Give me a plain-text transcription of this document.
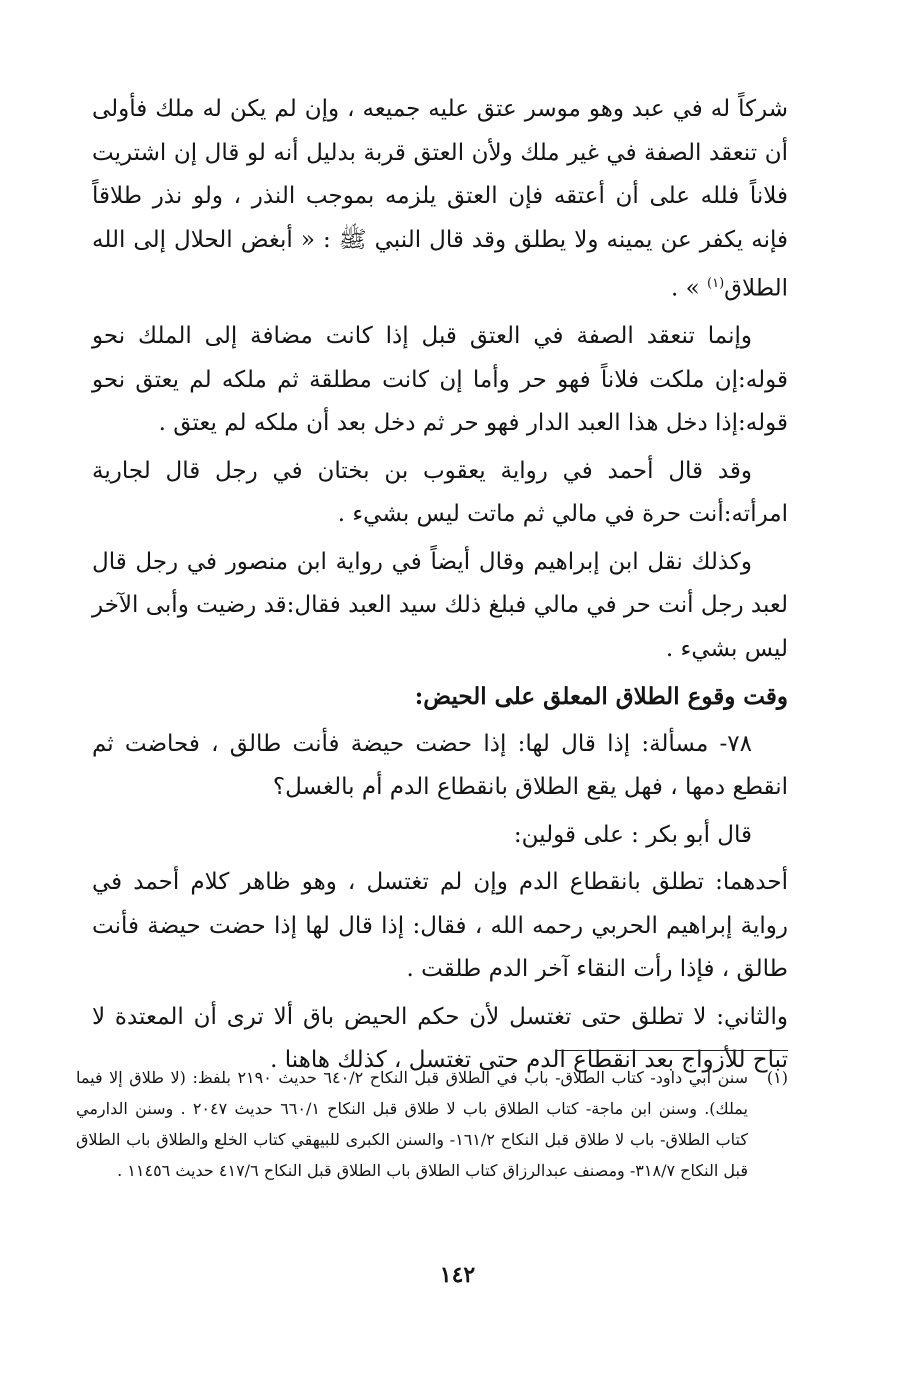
شركاً له في عبد وهو موسر عتق عليه جميعه ، وإن لم يكن له ملك فأولى أن تنعقد الصفة في غير ملك ولأن العتق قربة بدليل أنه لو قال إن اشتريت فلاناً فلله على أن أعتقه فإن العتق يلزمه بموجب النذر ، ولو نذر طلاقاً فإنه يكفر عن يمينه ولا يطلق وقد قال النبي ﷺ : « أبغض الحلال إلى الله الطلاق$^{(١)}$ » .

وإنما تنعقد الصفة في العتق قبل إذا كانت مضافة إلى الملك نحو قوله:إن ملكت فلاناً فهو حر وأما إن كانت مطلقة ثم ملكه لم يعتق نحو قوله:إذا دخل هذا العبد الدار فهو حر ثم دخل بعد أن ملكه لم يعتق .

وقد قال أحمد في رواية يعقوب بن بختان في رجل قال لجارية امرأته:أنت حرة في مالي ثم ماتت ليس بشيء .

وكذلك نقل ابن إبراهيم وقال أيضاً في رواية ابن منصور في رجل قال لعبد رجل أنت حر في مالي فبلغ ذلك سيد العبد فقال:قد رضيت وأبى الآخر ليس بشيء .

وقت وقوع الطلاق المعلق على الحيض:

٧٨- مسألة: إذا قال لها: إذا حضت حيضة فأنت طالق ، فحاضت ثم انقطع دمها ، فهل يقع الطلاق بانقطاع الدم أم بالغسل؟

قال أبو بكر : على قولين:

أحدهما: تطلق بانقطاع الدم وإن لم تغتسل ، وهو ظاهر كلام أحمد في رواية إبراهيم الحربي رحمه الله ، فقال: إذا قال لها إذا حضت حيضة فأنت طالق ، فإذا رأت النقاء آخر الدم طلقت .

والثاني: لا تطلق حتى تغتسل لأن حكم الحيض باق ألا ترى أن المعتدة لا تباح للأزواج بعد انقطاع الدم حتى تغتسل ، كذلك هاهنا .

(١)
سنن أبي داود- كتاب الطلاق- باب في الطلاق قبل النكاح ٦٤٠/٢ حديث ٢١٩٠ بلفظ: (لا طلاق إلا فيما يملك). وسنن ابن ماجة- كتاب الطلاق باب لا طلاق قبل النكاح ٦٦٠/١ حديث ٢٠٤٧ . وسنن الدارمي كتاب الطلاق- باب لا طلاق قبل النكاح ١٦١/٢- والسنن الكبرى للبيهقي كتاب الخلع والطلاق باب الطلاق قبل النكاح ٣١٨/٧- ومصنف عبدالرزاق كتاب الطلاق باب الطلاق قبل النكاح ٤١٧/٦ حديث ١١٤٥٦ .
١٤٢
